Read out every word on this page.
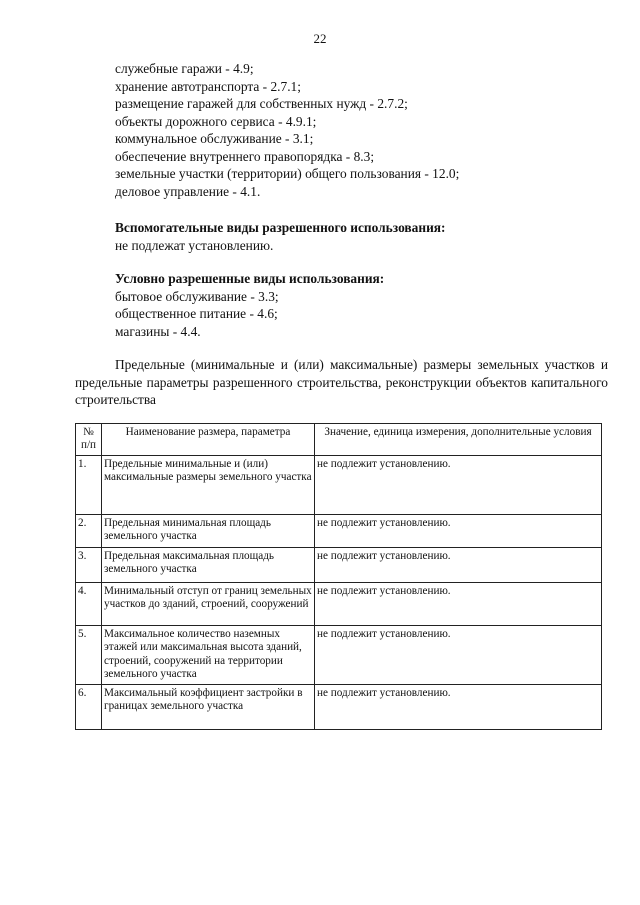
22
служебные гаражи - 4.9;
хранение автотранспорта - 2.7.1;
размещение гаражей для собственных нужд - 2.7.2;
объекты дорожного сервиса - 4.9.1;
коммунальное обслуживание - 3.1;
обеспечение внутреннего правопорядка - 8.3;
земельные участки (территории) общего пользования - 12.0;
деловое управление - 4.1.
Вспомогательные виды разрешенного использования:
не подлежат установлению.
Условно разрешенные виды использования:
бытовое обслуживание - 3.3;
общественное питание - 4.6;
магазины - 4.4.
Предельные (минимальные и (или) максимальные) размеры земельных участков и предельные параметры разрешенного строительства, реконструкции объектов капитального строительства
№ п/п	Наименование размера, параметра	Значение, единица измерения, дополнительные условия
1.	Предельные минимальные и (или) максимальные размеры земельного участка	не подлежит установлению.
2.	Предельная минимальная площадь земельного участка	не подлежит установлению.
3.	Предельная максимальная площадь земельного участка	не подлежит установлению.
4.	Минимальный отступ от границ земельных участков до зданий, строений, сооружений	не подлежит установлению.
5.	Максимальное количество наземных этажей или максимальная высота зданий, строений, сооружений на территории земельного участка	не подлежит установлению.
6.	Максимальный коэффициент застройки в границах земельного участка	не подлежит установлению.
